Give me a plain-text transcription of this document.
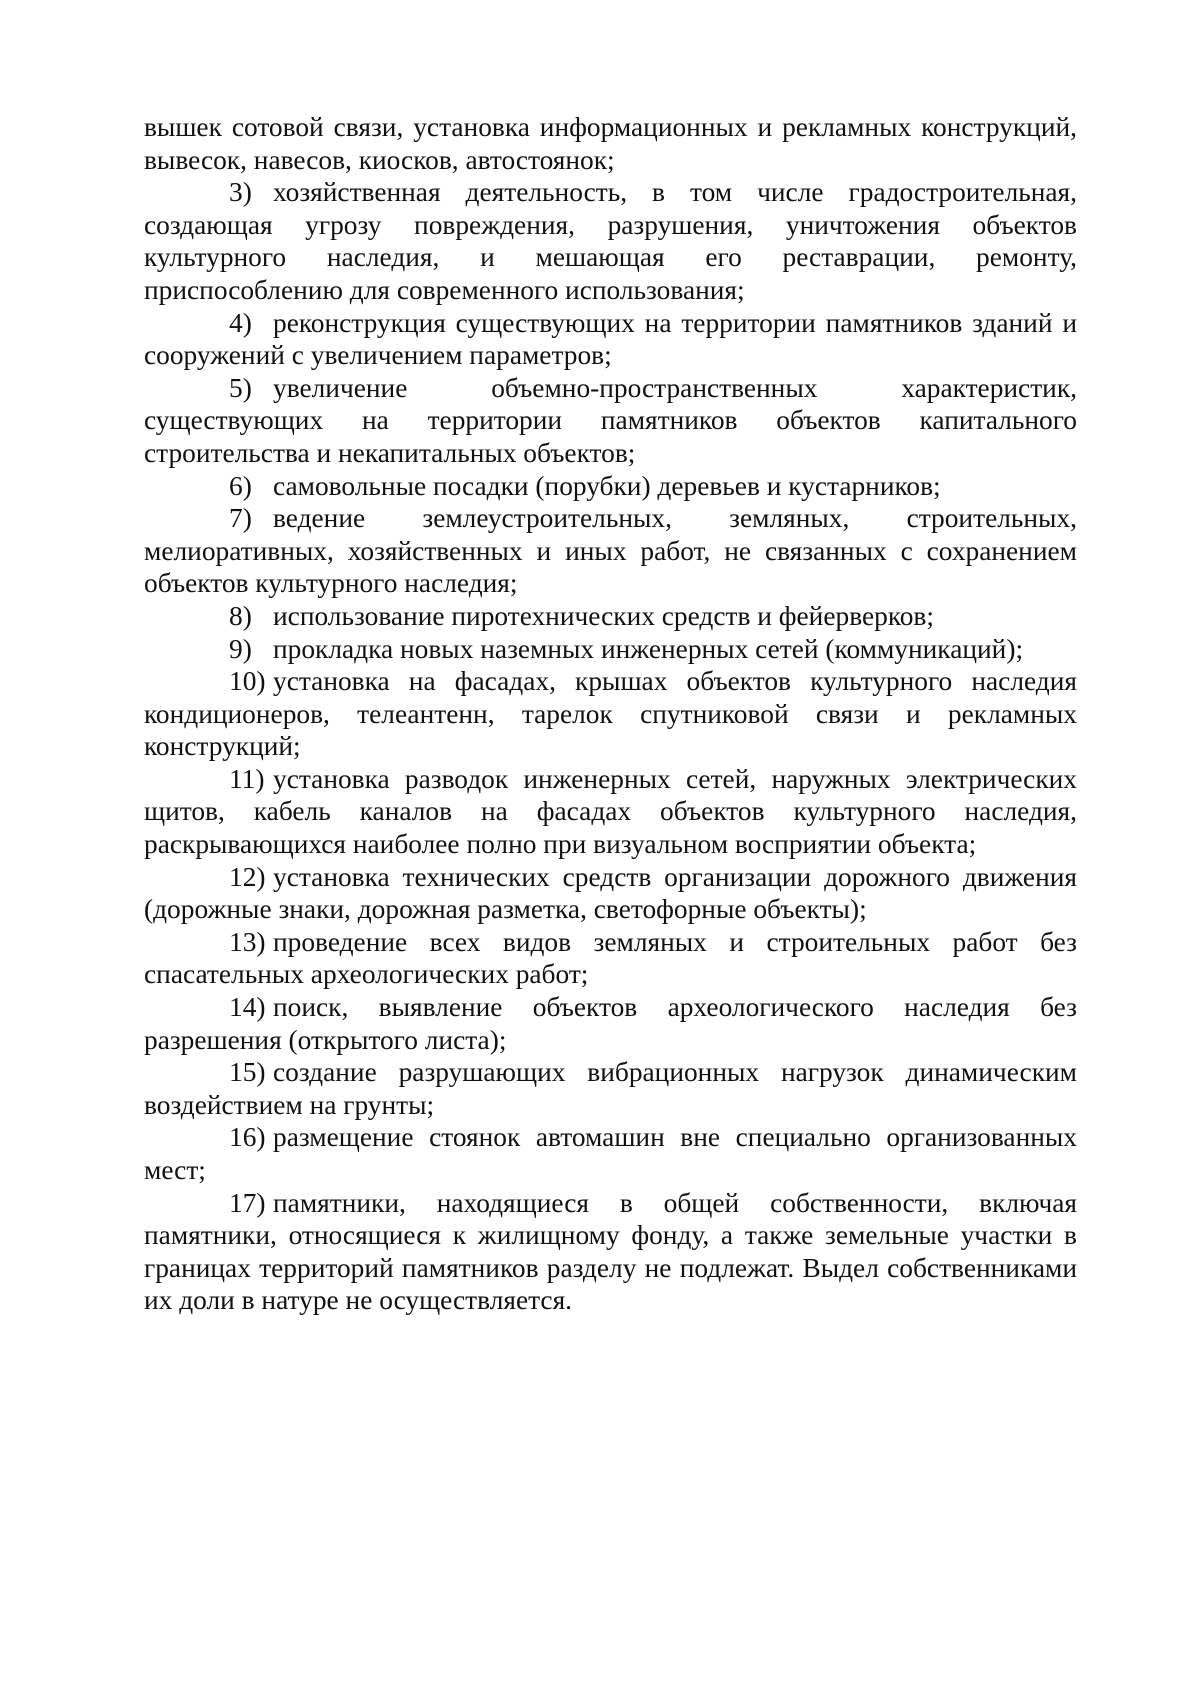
вышек сотовой связи, установка информационных и рекламных конструкций, вывесок, навесов, киосков, автостоянок;

3) хозяйственная деятельность, в том числе градостроительная, создающая угрозу повреждения, разрушения, уничтожения объектов культурного наследия, и мешающая его реставрации, ремонту, приспособлению для современного использования;

4) реконструкция существующих на территории памятников зданий и сооружений с увеличением параметров;

5) увеличение объемно-пространственных характеристик, существующих на территории памятников объектов капитального строительства и некапитальных объектов;

6) самовольные посадки (порубки) деревьев и кустарников;

7) ведение землеустроительных, земляных, строительных, мелиоративных, хозяйственных и иных работ, не связанных с сохранением объектов культурного наследия;

8) использование пиротехнических средств и фейерверков;

9) прокладка новых наземных инженерных сетей (коммуникаций);

10) установка на фасадах, крышах объектов культурного наследия кондиционеров, телеантенн, тарелок спутниковой связи и рекламных конструкций;

11) установка разводок инженерных сетей, наружных электрических щитов, кабель каналов на фасадах объектов культурного наследия, раскрывающихся наиболее полно при визуальном восприятии объекта;

12) установка технических средств организации дорожного движения (дорожные знаки, дорожная разметка, светофорные объекты);

13) проведение всех видов земляных и строительных работ без спасательных археологических работ;

14) поиск, выявление объектов археологического наследия без разрешения (открытого листа);

15) создание разрушающих вибрационных нагрузок динамическим воздействием на грунты;

16) размещение стоянок автомашин вне специально организованных мест;

17) памятники, находящиеся в общей собственности, включая памятники, относящиеся к жилищному фонду, а также земельные участки в границах территорий памятников разделу не подлежат. Выдел собственниками их доли в натуре не осуществляется.
